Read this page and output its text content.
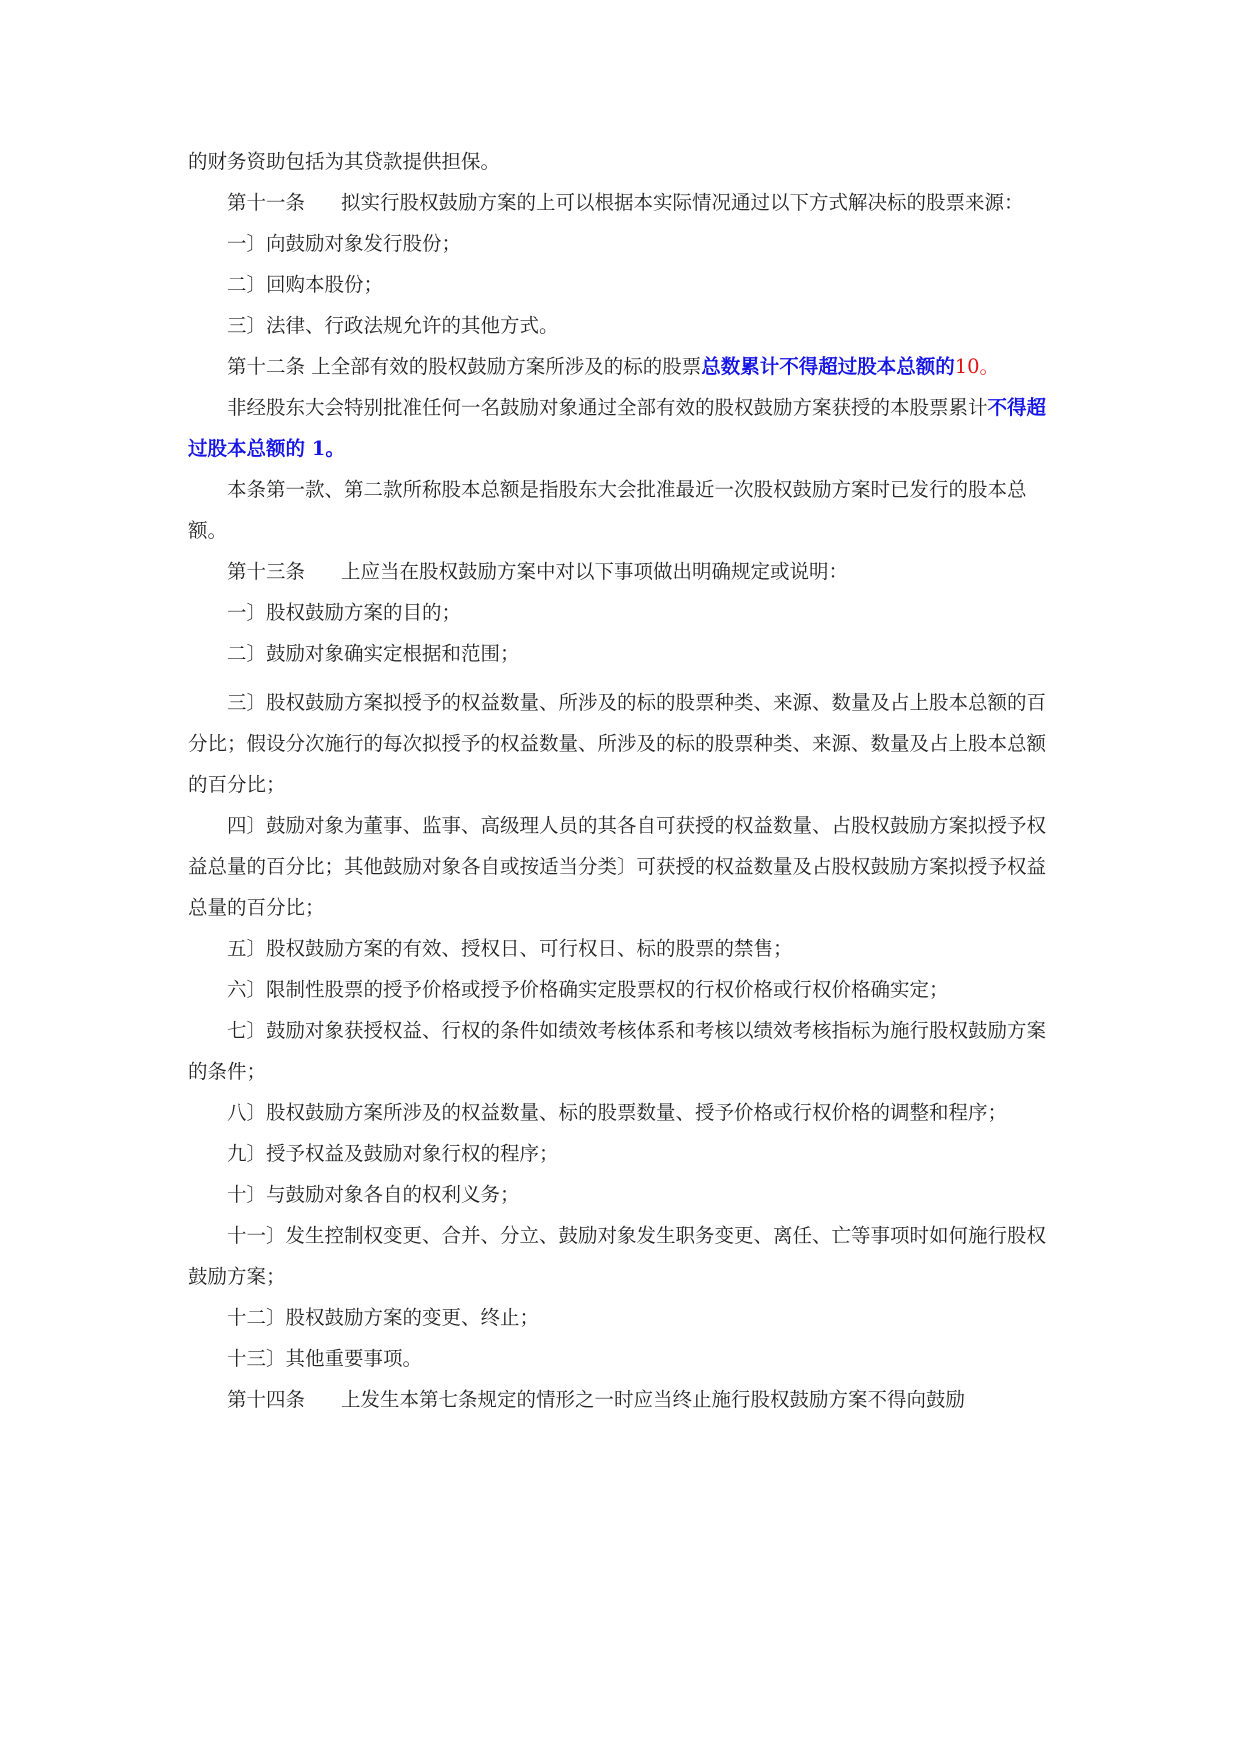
的财务资助包括为其贷款提供担保。

第十一条 拟实行股权鼓励方案的上可以根据本实际情况通过以下方式解决标的股票来源：

一〕向鼓励对象发行股份；

二〕回购本股份；

三〕法律、行政法规允许的其他方式。

第十二条 上全部有效的股权鼓励方案所涉及的标的股票总数累计不得超过股本总额的10。

非经股东大会特别批准任何一名鼓励对象通过全部有效的股权鼓励方案获授的本股票累计不得超过股本总额的 1。

本条第一款、第二款所称股本总额是指股东大会批准最近一次股权鼓励方案时已发行的股本总额。

第十三条 上应当在股权鼓励方案中对以下事项做出明确规定或说明：

一〕股权鼓励方案的目的；

二〕鼓励对象确实定根据和范围；

三〕股权鼓励方案拟授予的权益数量、所涉及的标的股票种类、来源、数量及占上股本总额的百分比；假设分次施行的每次拟授予的权益数量、所涉及的标的股票种类、来源、数量及占上股本总额的百分比；

四〕鼓励对象为董事、监事、高级理人员的其各自可获授的权益数量、占股权鼓励方案拟授予权益总量的百分比；其他鼓励对象各自或按适当分类〕可获授的权益数量及占股权鼓励方案拟授予权益总量的百分比；

五〕股权鼓励方案的有效、授权日、可行权日、标的股票的禁售；

六〕限制性股票的授予价格或授予价格确实定股票权的行权价格或行权价格确实定；

七〕鼓励对象获授权益、行权的条件如绩效考核体系和考核以绩效考核指标为施行股权鼓励方案的条件；

八〕股权鼓励方案所涉及的权益数量、标的股票数量、授予价格或行权价格的调整和程序；

九〕授予权益及鼓励对象行权的程序；

十〕与鼓励对象各自的权利义务；

十一〕发生控制权变更、合并、分立、鼓励对象发生职务变更、离任、亡等事项时如何施行股权鼓励方案；

十二〕股权鼓励方案的变更、终止；

十三〕其他重要事项。

第十四条 上发生本第七条规定的情形之一时应当终止施行股权鼓励方案不得向鼓励
